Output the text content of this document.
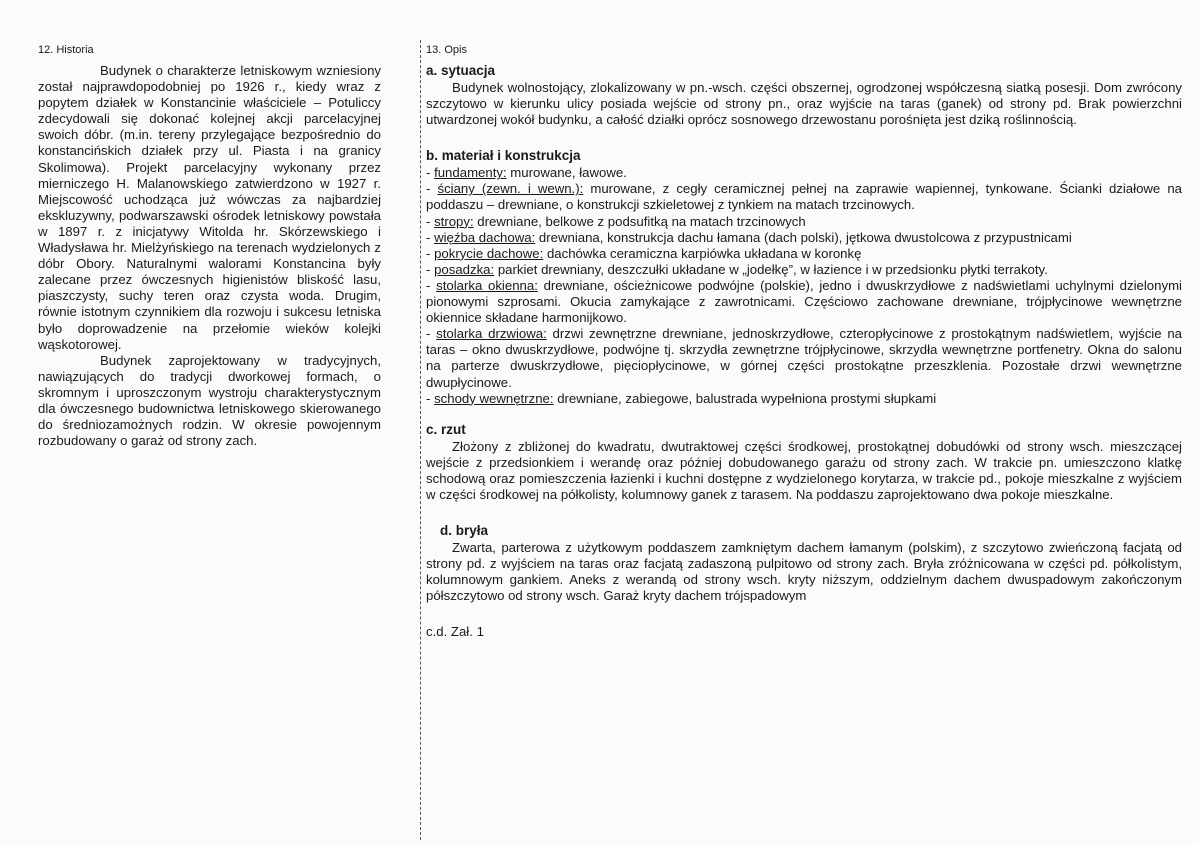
12. Historia

Budynek o charakterze letniskowym wzniesiony został najprawdopodobniej po 1926 r., kiedy wraz z popytem działek w Konstancinie właściciele – Potuliccy zdecydowali się dokonać kolejnej akcji parcelacyjnej swoich dóbr. (m.in. tereny przylegające bezpośrednio do konstancińskich działek przy ul. Piasta i na granicy Skolimowa). Projekt parcelacyjny wykonany przez mierniczego H. Malanowskiego zatwierdzono w 1927 r. Miejscowość uchodząca już wówczas za najbardziej ekskluzywny, podwarszawski ośrodek letniskowy powstała w 1897 r. z inicjatywy Witolda hr. Skórzewskiego i Władysława hr. Mielżyńskiego na terenach wydzielonych z dóbr Obory. Naturalnymi walorami Konstancina były zalecane przez ówczesnych higienistów bliskość lasu, piaszczysty, suchy teren oraz czysta woda. Drugim, równie istotnym czynnikiem dla rozwoju i sukcesu letniska było doprowadzenie na przełomie wieków kolejki wąskotorowej.

Budynek zaprojektowany w tradycyjnych, nawiązujących do tradycji dworkowej formach, o skromnym i uproszczonym wystroju charakterystycznym dla ówczesnego budownictwa letniskowego skierowanego do średniozamożnych rodzin. W okresie powojennym rozbudowany o garaż od strony zach.

13. Opis
a. sytuacja

Budynek wolnostojący, zlokalizowany w pn.-wsch. części obszernej, ogrodzonej współczesną siatką posesji. Dom zwrócony szczytowo w kierunku ulicy posiada wejście od strony pn., oraz wyjście na taras (ganek) od strony pd. Brak powierzchni utwardzonej wokół budynku, a całość działki oprócz sosnowego drzewostanu porośnięta jest dziką roślinnością.

b. materiał i konstrukcja

- fundamenty: murowane, ławowe.

- ściany (zewn. i wewn.): murowane, z cegły ceramicznej pełnej na zaprawie wapiennej, tynkowane. Ścianki działowe na poddaszu – drewniane, o konstrukcji szkieletowej z tynkiem na matach trzcinowych.

- stropy: drewniane, belkowe z podsufitką na matach trzcinowych

- więźba dachowa: drewniana, konstrukcja dachu łamana (dach polski), jętkowa dwustolcowa z przypustnicami

- pokrycie dachowe: dachówka ceramiczna karpiówka układana w koronkę

- posadzka: parkiet drewniany, deszczułki układane w „jodełkę”, w łazience i w przedsionku płytki terrakoty.

- stolarka okienna: drewniane, ościeżnicowe podwójne (polskie), jedno i dwuskrzydłowe z nadświetlami uchylnymi dzielonymi pionowymi szprosami. Okucia zamykające z zawrotnicami. Częściowo zachowane drewniane, trójpłycinowe wewnętrzne okiennice składane harmonijkowo.

- stolarka drzwiowa: drzwi zewnętrzne drewniane, jednoskrzydłowe, czteropłycinowe z prostokątnym nadświetlem, wyjście na taras – okno dwuskrzydłowe, podwójne tj. skrzydła zewnętrzne trójpłycinowe, skrzydła wewnętrzne portfenetry. Okna do salonu na parterze dwuskrzydłowe, pięciopłycinowe, w górnej części prostokątne przeszklenia. Pozostałe drzwi wewnętrzne dwupłycinowe.

- schody wewnętrzne: drewniane, zabiegowe, balustrada wypełniona prostymi słupkami

c. rzut

Złożony z zbliżonej do kwadratu, dwutraktowej części środkowej, prostokątnej dobudówki od strony wsch. mieszczącej wejście z przedsionkiem i werandę oraz później dobudowanego garażu od strony zach. W trakcie pn. umieszczono klatkę schodową oraz pomieszczenia łazienki i kuchni dostępne z wydzielonego korytarza, w trakcie pd., pokoje mieszkalne z wyjściem w części środkowej na półkolisty, kolumnowy ganek z tarasem. Na poddaszu zaprojektowano dwa pokoje mieszkalne.

d. bryła

Zwarta, parterowa z użytkowym poddaszem zamkniętym dachem łamanym (polskim), z szczytowo zwieńczoną facjatą od strony pd. z wyjściem na taras oraz facjatą zadaszoną pulpitowo od strony zach. Bryła zróżnicowana w części pd. półkolistym, kolumnowym gankiem. Aneks z werandą od strony wsch. kryty niższym, oddzielnym dachem dwuspadowym zakończonym półszczytowo od strony wsch. Garaż kryty dachem trójspadowym

c.d. Zał. 1
